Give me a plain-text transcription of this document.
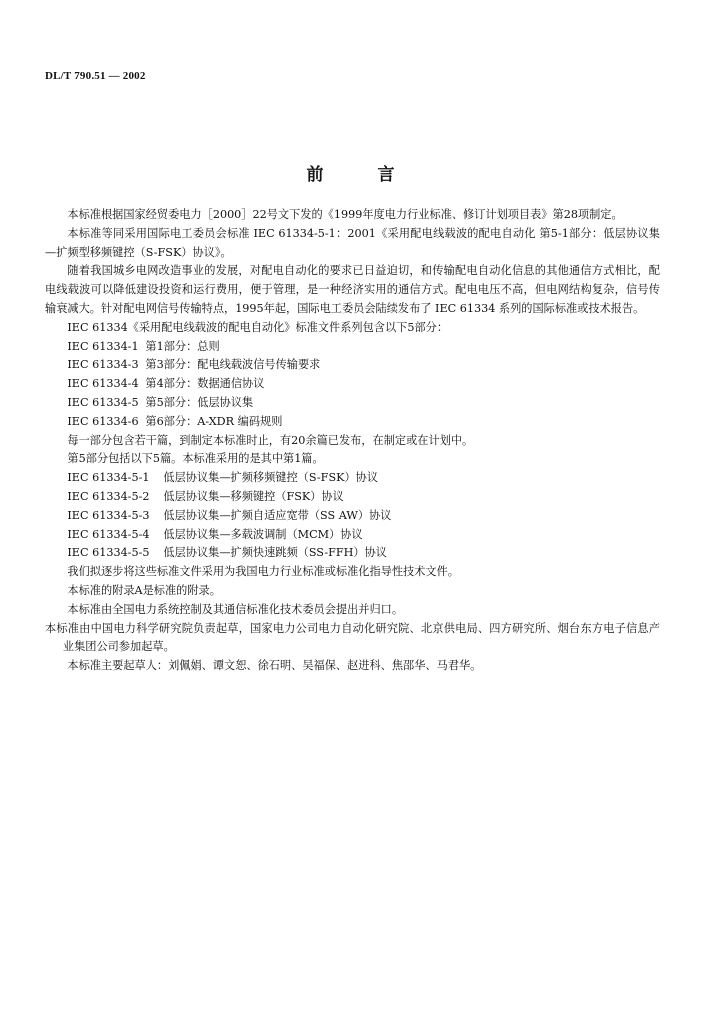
DL/T 790.51 — 2002
前言

本标准根据国家经贸委电力［2000］22号文下发的《1999年度电力行业标准、修订计划项目表》第28项制定。

本标准等同采用国际电工委员会标准 IEC 61334-5-1：2001《采用配电线载波的配电自动化 第5-1部分：低层协议集—扩频型移频键控（S-FSK）协议》。

随着我国城乡电网改造事业的发展，对配电自动化的要求已日益迫切，和传输配电自动化信息的其他通信方式相比，配电线载波可以降低建设投资和运行费用，便于管理，是一种经济实用的通信方式。配电电压不高，但电网结构复杂，信号传输衰减大。针对配电网信号传输特点，1995年起，国际电工委员会陆续发布了 IEC 61334 系列的国际标准或技术报告。

IEC 61334《采用配电线载波的配电自动化》标准文件系列包含以下5部分：

IEC 61334-1 第1部分：总则

IEC 61334-3 第3部分：配电线载波信号传输要求

IEC 61334-4 第4部分：数据通信协议

IEC 61334-5 第5部分：低层协议集

IEC 61334-6 第6部分：A-XDR 编码规则

每一部分包含若干篇，到制定本标准时止，有20余篇已发布，在制定或在计划中。

第5部分包括以下5篇。本标准采用的是其中第1篇。

IEC 61334-5-1 低层协议集—扩频移频键控（S-FSK）协议

IEC 61334-5-2 低层协议集—移频键控（FSK）协议

IEC 61334-5-3 低层协议集—扩频自适应宽带（SS AW）协议

IEC 61334-5-4 低层协议集—多载波调制（MCM）协议

IEC 61334-5-5 低层协议集—扩频快速跳频（SS-FFH）协议

我们拟逐步将这些标准文件采用为我国电力行业标准或标准化指导性技术文件。

本标准的附录A是标准的附录。

本标准由全国电力系统控制及其通信标准化技术委员会提出并归口。

本标准由中国电力科学研究院负责起草，国家电力公司电力自动化研究院、北京供电局、四方研究所、烟台东方电子信息产业集团公司参加起草。

本标准主要起草人：刘佩娟、谭文恕、徐石明、吴福保、赵进科、焦邵华、马君华。
